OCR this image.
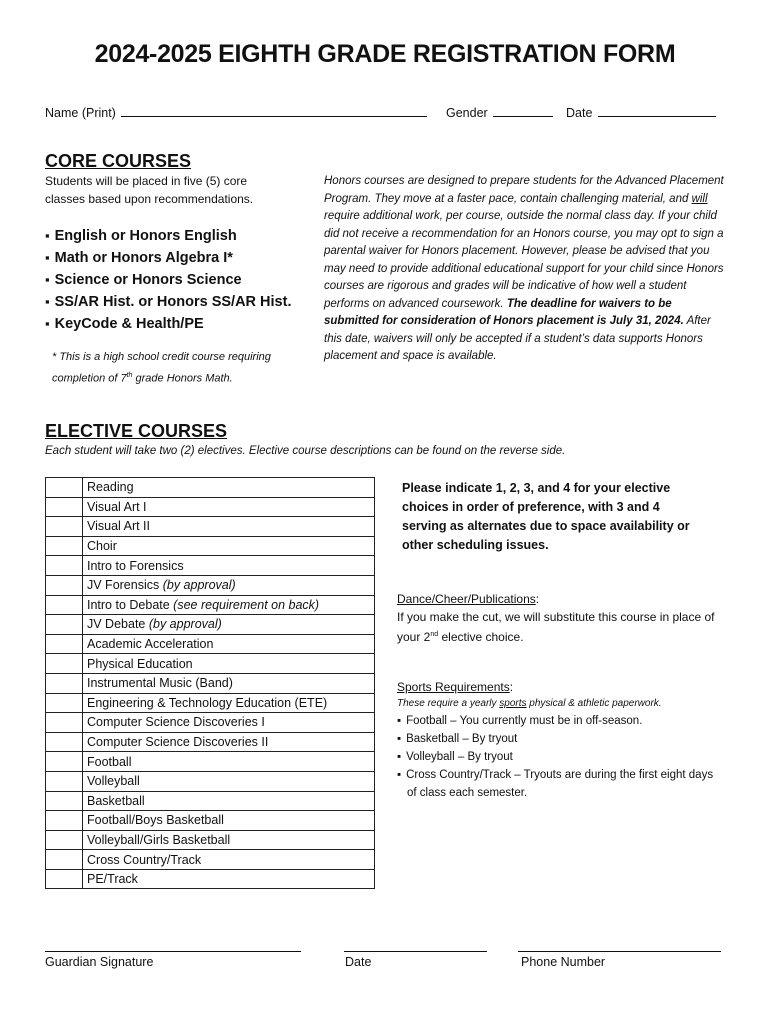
2024-2025 EIGHTH GRADE REGISTRATION FORM
Name (Print)	Gender	Date
CORE COURSES
Students will be placed in five (5) core classes based upon recommendations.
▪ English or Honors English
▪ Math or Honors Algebra I*
▪ Science or Honors Science
▪ SS/AR Hist. or Honors SS/AR Hist.
▪ KeyCode & Health/PE
* This is a high school credit course requiring completion of 7th grade Honors Math.
Honors courses are designed to prepare students for the Advanced Placement Program. They move at a faster pace, contain challenging material, and will require additional work, per course, outside the normal class day. If your child did not receive a recommendation for an Honors course, you may opt to sign a parental waiver for Honors placement. However, please be advised that you may need to provide additional educational support for your child since Honors courses are rigorous and grades will be indicative of how well a student performs on advanced coursework. The deadline for waivers to be submitted for consideration of Honors placement is July 31, 2024. After this date, waivers will only be accepted if a student’s data supports Honors placement and space is available.
ELECTIVE COURSES
Each student will take two (2) electives. Elective course descriptions can be found on the reverse side.
	Reading
	Visual Art I
	Visual Art II
	Choir
	Intro to Forensics
	JV Forensics (by approval)
	Intro to Debate (see requirement on back)
	JV Debate (by approval)
	Academic Acceleration
	Physical Education
	Instrumental Music (Band)
	Engineering & Technology Education (ETE)
	Computer Science Discoveries I
	Computer Science Discoveries II
	Football
	Volleyball
	Basketball
	Football/Boys Basketball
	Volleyball/Girls Basketball
	Cross Country/Track
	PE/Track
Please indicate 1, 2, 3, and 4 for your elective choices in order of preference, with 3 and 4 serving as alternates due to space availability or other scheduling issues.
Dance/Cheer/Publications:
If you make the cut, we will substitute this course in place of your 2nd elective choice.
Sports Requirements:
These require a yearly sports physical & athletic paperwork.
▪ Football – You currently must be in off-season.
▪ Basketball – By tryout
▪ Volleyball – By tryout
▪ Cross Country/Track – Tryouts are during the first eight days of class each semester.
Guardian Signature	Date	Phone Number
